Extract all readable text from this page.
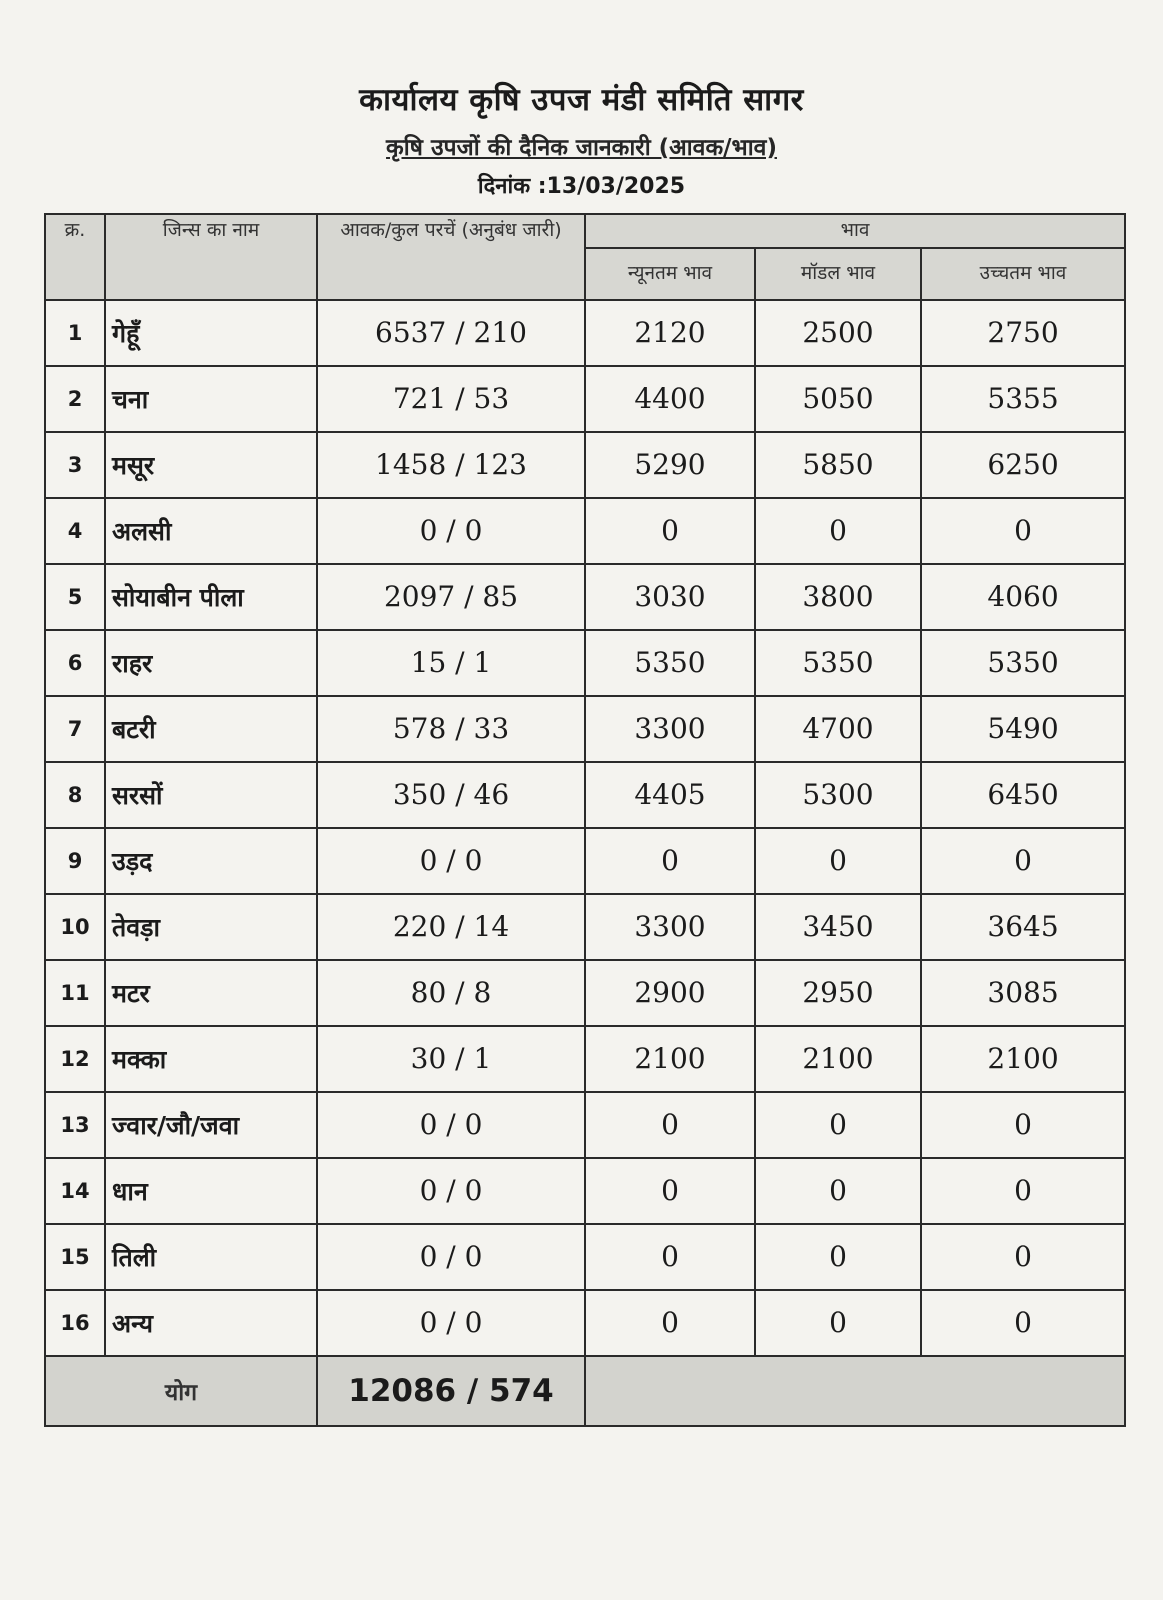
कार्यालय कृषि उपज मंडी समिति सागर
कृषि उपजों की दैनिक जानकारी (आवक/भाव)
दिनांक :13/03/2025
क्र.	जिन्स का नाम	आवक/कुल परचें (अनुबंध जारी)	भाव		
			न्यूनतम भाव	मॉडल भाव	उच्चतम भाव
1	गेहूँ	6537 / 210	2120	2500	2750
2	चना	721 / 53	4400	5050	5355
3	मसूर	1458 / 123	5290	5850	6250
4	अलसी	0 / 0	0	0	0
5	सोयाबीन पीला	2097 / 85	3030	3800	4060
6	राहर	15 / 1	5350	5350	5350
7	बटरी	578 / 33	3300	4700	5490
8	सरसों	350 / 46	4405	5300	6450
9	उड़द	0 / 0	0	0	0
10	तेवड़ा	220 / 14	3300	3450	3645
11	मटर	80 / 8	2900	2950	3085
12	मक्का	30 / 1	2100	2100	2100
13	ज्वार/जौ/जवा	0 / 0	0	0	0
14	धान	0 / 0	0	0	0
15	तिली	0 / 0	0	0	0
16	अन्य	0 / 0	0	0	0
योग		12086 / 574			
